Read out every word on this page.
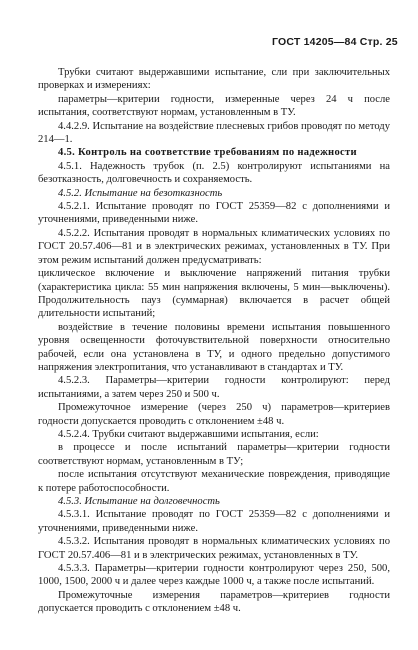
ГОСТ 14205—84 Стр. 25

Трубки считают выдержавшими испытание, сли при заключительных проверках и измерениях:

параметры—критерии годности, измеренные через 24 ч после испытания, соответствуют нормам, установленным в ТУ.

4.4.2.9. Испытание на воздействие плесневых грибов проводят по методу 214—1.

4.5. Контроль на соответствие требованиям по надежности

4.5.1. Надежность трубок (п. 2.5) контролируют испытаниями на безотказность, долговечность и сохраняемость.

4.5.2. Испытание на безотказность

4.5.2.1. Испытание проводят по ГОСТ 25359—82 с дополнениями и уточнениями, приведенными ниже.

4.5.2.2. Испытания проводят в нормальных климатических условиях по ГОСТ 20.57.406—81 и в электрических режимах, установленных в ТУ. При этом режим испытаний должен предусматривать:

циклическое включение и выключение напряжений питания трубки (характеристика цикла: 55 мин напряжения включены, 5 мин—выключены). Продолжительность пауз (суммарная) включается в расчет общей длительности испытаний;

воздействие в течение половины времени испытания повышенного уровня освещенности фоточувствительной поверхности относительно рабочей, если она установлена в ТУ, и одного предельно допустимого напряжения электропитания, что устанавливают в стандартах и ТУ.

4.5.2.3. Параметры—критерии годности контролируют: перед испытаниями, а затем через 250 и 500 ч.

Промежуточное измерение (через 250 ч) параметров—критериев годности допускается проводить с отклонением ±48 ч.

4.5.2.4. Трубки считают выдержавшими испытания, если:

в процессе и после испытаний параметры—критерии годности соответствуют нормам, установленным в ТУ;

после испытания отсутствуют механические повреждения, приводящие к потере работоспособности.

4.5.3. Испытание на долговечность

4.5.3.1. Испытание проводят по ГОСТ 25359—82 с дополнениями и уточнениями, приведенными ниже.

4.5.3.2. Испытания проводят в нормальных климатических условиях по ГОСТ 20.57.406—81 и в электрических режимах, установленных в ТУ.

4.5.3.3. Параметры—критерии годности контролируют через 250, 500, 1000, 1500, 2000 ч и далее через каждые 1000 ч, а также после испытаний.

Промежуточные измерения параметров—критериев годности допускается проводить с отклонением ±48 ч.
